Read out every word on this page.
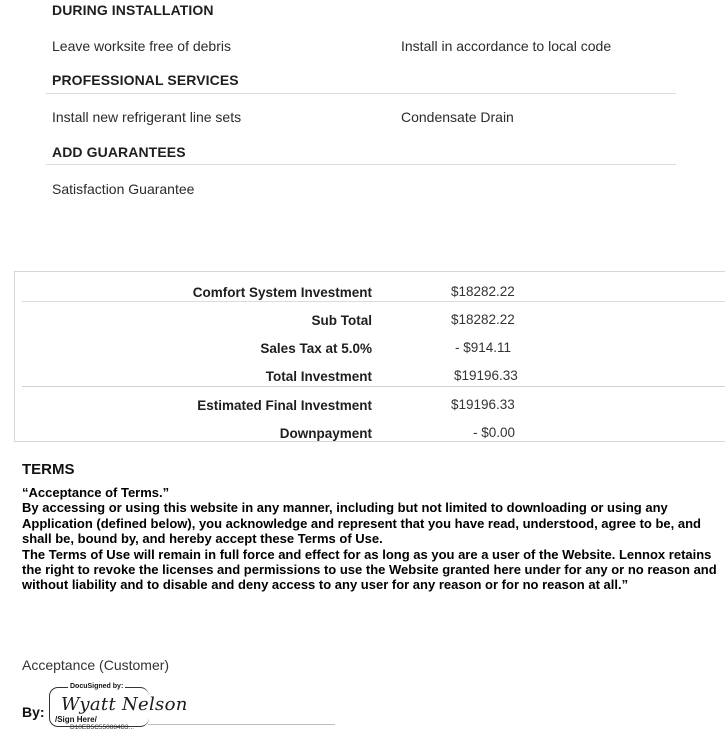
DURING INSTALLATION
Leave worksite free of debris	Install in accordance to local code
PROFESSIONAL SERVICES
Install new refrigerant line sets	Condensate Drain
ADD GUARANTEES
Satisfaction Guarantee
Comfort System Investment	$18282.22
Sub Total	$18282.22
Sales Tax at 5.0%	- $914.11
Total Investment	$19196.33
Estimated Final Investment	$19196.33
Downpayment	- $0.00
TERMS

“Acceptance of Terms.”

By accessing or using this website in any manner, including but not limited to downloading or using any Application (defined below), you acknowledge and represent that you have read, understood, agree to be, and shall be, bound by, and hereby accept these Terms of Use.

The Terms of Use will remain in full force and effect for as long as you are a user of the Website. Lennox retains the right to revoke the licenses and permissions to use the Website granted here under for any or no reason and without liability and to disable and deny access to any user for any reason or for no reason at all.”

Acceptance (Customer)
By:
DocuSigned by:
Wyatt Nelson
/Sign Here/
D10EB5C550884B3...
